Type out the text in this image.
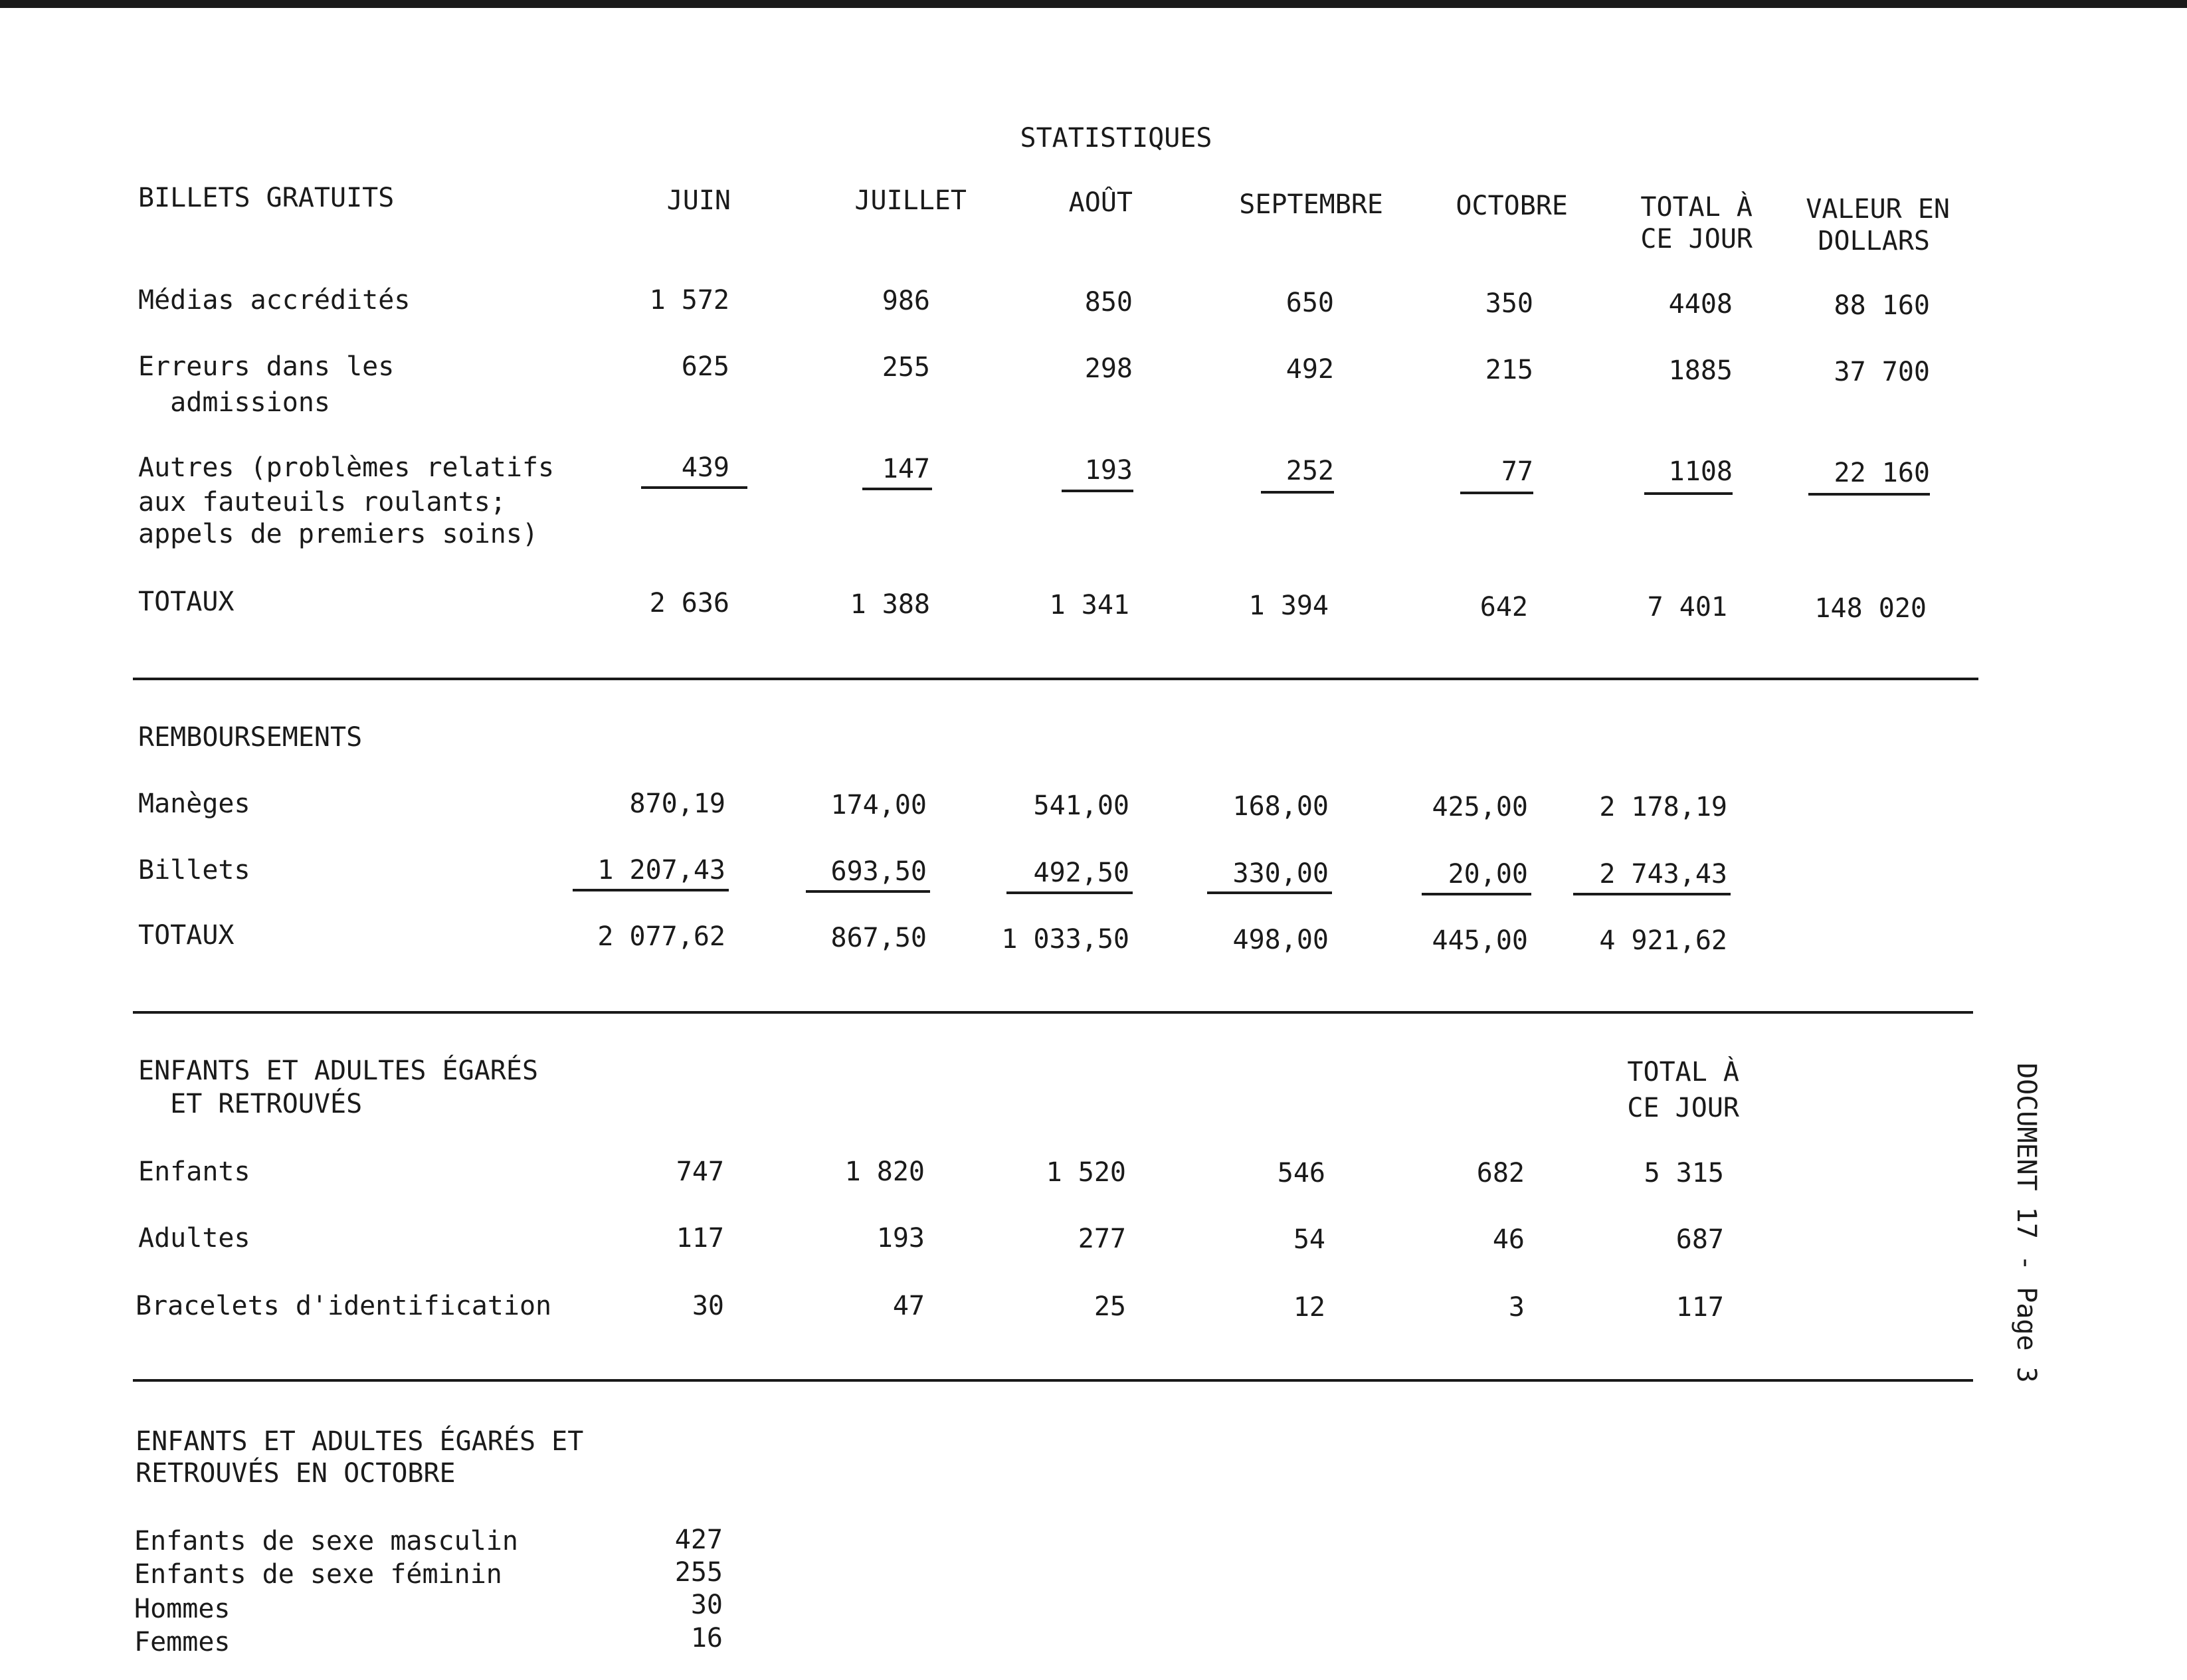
STATISTIQUES
BILLETS GRATUITS	JUIN	JUILLET	AOÛT	SEPTEMBRE	OCTOBRE	TOTAL À
CE JOUR
VALEUR EN
DOLLARS
Médias accrédités	1 572	986	850	650	350	4408	88 160
Erreurs dans les
admissions
625	255	298	492	215	1885	37 700
Autres (problèmes relatifs
aux fauteuils roulants;
appels de premiers soins)
439	147	193	252	77	1108	22 160
TOTAUX	2 636	1 388	1 341	1 394	642	7 401	148 020
REMBOURSEMENTS
Manèges	870,19	174,00	541,00	168,00	425,00	2 178,19
Billets	1 207,43	693,50	492,50	330,00	20,00	2 743,43
TOTAUX	2 077,62	867,50	1 033,50	498,00	445,00	4 921,62
ENFANTS ET ADULTES ÉGARÉS
ET RETROUVÉS
TOTAL À
CE JOUR
Enfants	747	1 820	1 520	546	682	5 315
Adultes	117	193	277	54	46	687
Bracelets d'identification	30	47	25	12	3	117
ENFANTS ET ADULTES ÉGARÉS ET
RETROUVÉS EN OCTOBRE
Enfants de sexe masculin	427
Enfants de sexe féminin	255
Hommes	30
Femmes	16
DOCUMENT 17 - Page 3
